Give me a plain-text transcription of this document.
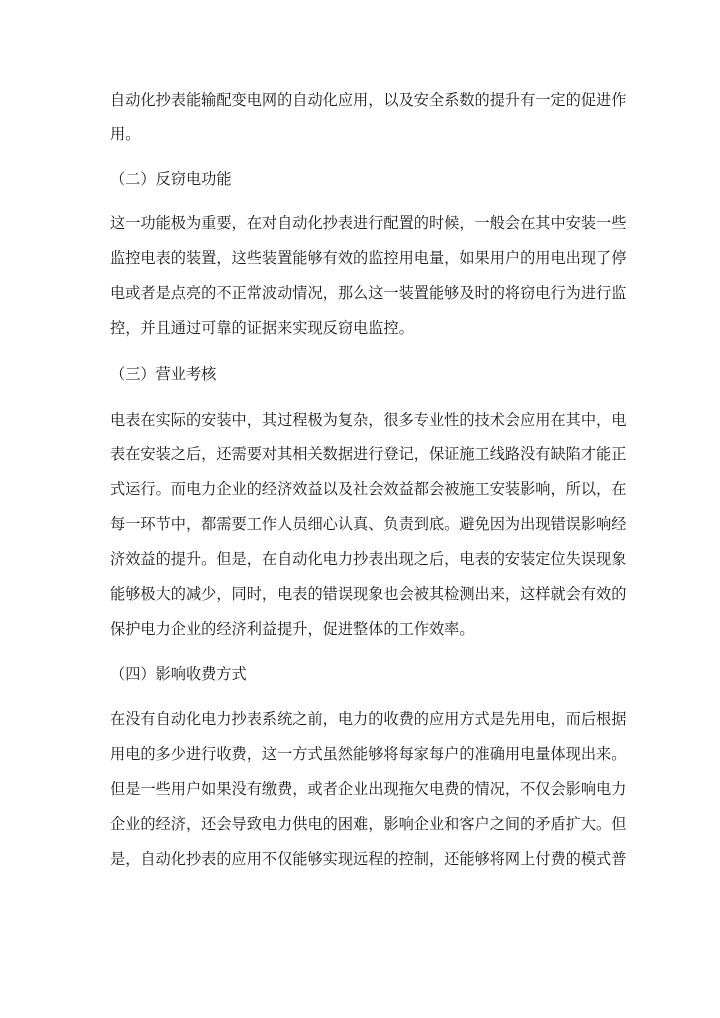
自动化抄表能输配变电网的自动化应用，以及安全系数的提升有一定的促进作
用。
（二）反窃电功能
这一功能极为重要，在对自动化抄表进行配置的时候，一般会在其中安装一些
监控电表的装置，这些装置能够有效的监控用电量，如果用户的用电出现了停
电或者是点亮的不正常波动情况，那么这一装置能够及时的将窃电行为进行监
控，并且通过可靠的证据来实现反窃电监控。
（三）营业考核
电表在实际的安装中，其过程极为复杂，很多专业性的技术会应用在其中，电
表在安装之后，还需要对其相关数据进行登记，保证施工线路没有缺陷才能正
式运行。而电力企业的经济效益以及社会效益都会被施工安装影响，所以，在
每一环节中，都需要工作人员细心认真、负责到底。避免因为出现错误影响经
济效益的提升。但是，在自动化电力抄表出现之后，电表的安装定位失误现象
能够极大的减少，同时，电表的错误现象也会被其检测出来，这样就会有效的
保护电力企业的经济利益提升，促进整体的工作效率。
（四）影响收费方式
在没有自动化电力抄表系统之前，电力的收费的应用方式是先用电，而后根据
用电的多少进行收费，这一方式虽然能够将每家每户的准确用电量体现出来。
但是一些用户如果没有缴费，或者企业出现拖欠电费的情况，不仅会影响电力
企业的经济，还会导致电力供电的困难，影响企业和客户之间的矛盾扩大。但
是，自动化抄表的应用不仅能够实现远程的控制，还能够将网上付费的模式普
